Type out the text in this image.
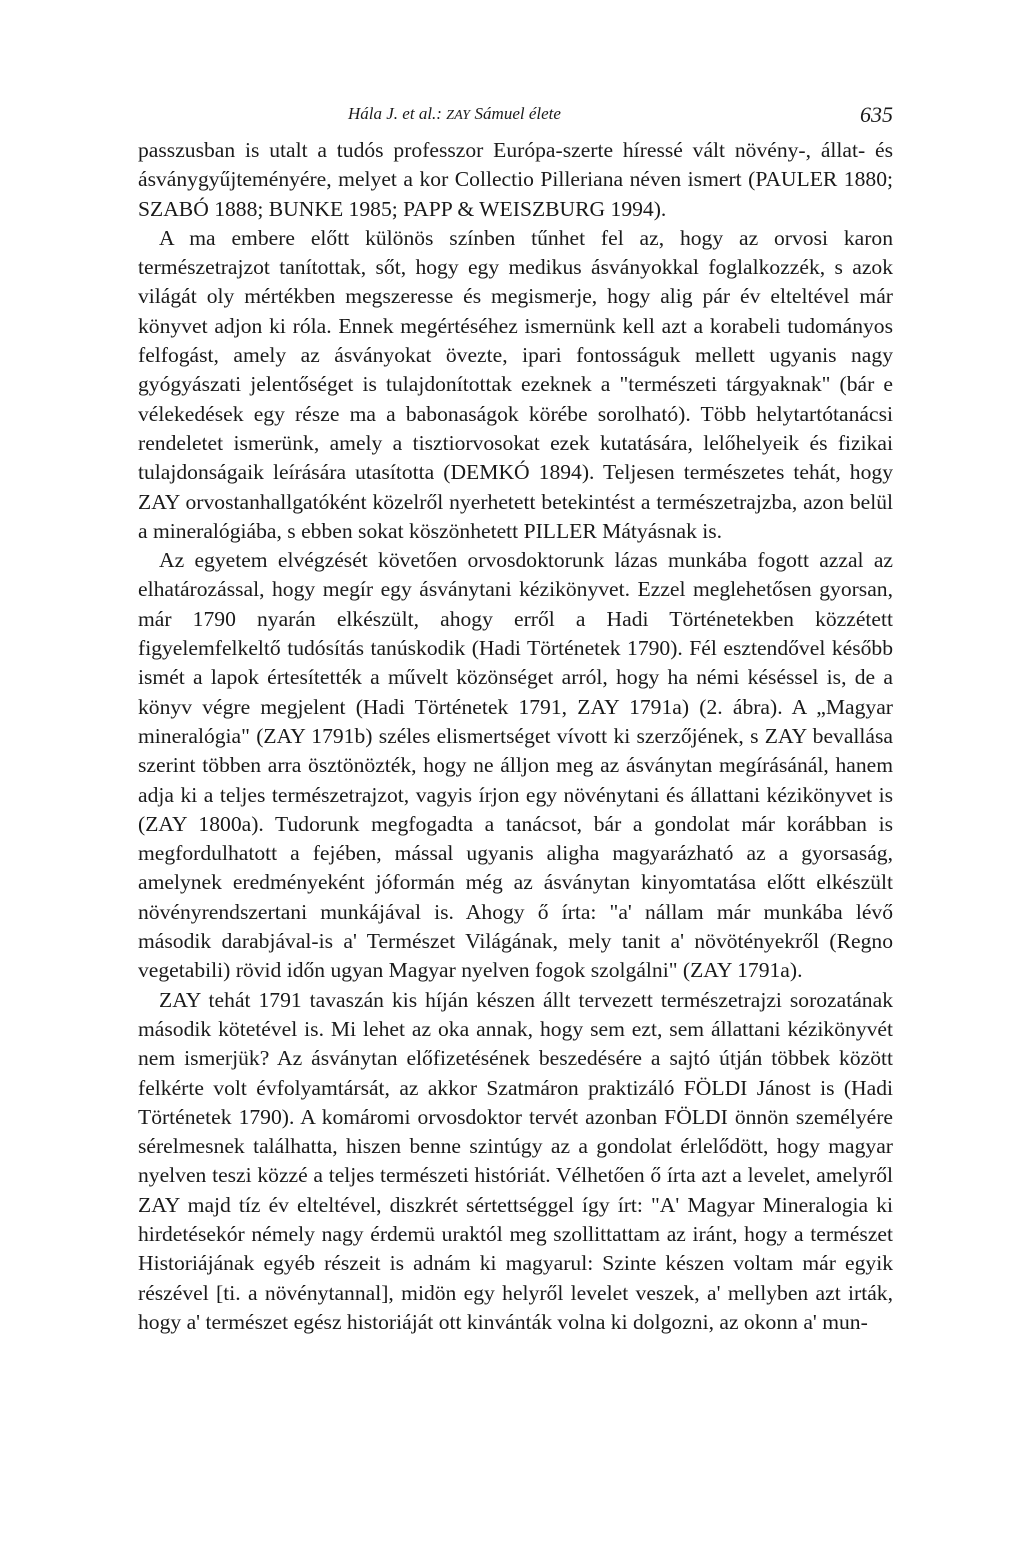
Hála J. et al.: ZAY Sámuel élete	635

passzusban is utalt a tudós professzor Európa-szerte híressé vált növény-, állat- és ásványgyűjteményére, melyet a kor Collectio Pilleriana néven ismert (PAULER 1880; SZABÓ 1888; BUNKE 1985; PAPP & WEISZBURG 1994).

A ma embere előtt különös színben tűnhet fel az, hogy az orvosi karon természetrajzot tanítottak, sőt, hogy egy medikus ásványokkal foglalkozzék, s azok világát oly mértékben megszeresse és megismerje, hogy alig pár év elteltével már könyvet adjon ki róla. Ennek megértéséhez ismernünk kell azt a korabeli tudományos felfogást, amely az ásványokat övezte, ipari fontosságuk mellett ugyanis nagy gyógyászati jelentőséget is tulajdonítottak ezeknek a "természeti tárgyaknak" (bár e vélekedések egy része ma a babonaságok körébe sorolható). Több helytartótanácsi rendeletet ismerünk, amely a tisztiorvosokat ezek kutatására, lelőhelyeik és fizikai tulajdonságaik leírására utasította (DEMKÓ 1894). Teljesen természetes tehát, hogy ZAY orvostanhallgatóként közelről nyerhetett betekintést a természetrajzba, azon belül a mineralógiába, s ebben sokat köszönhetett PILLER Mátyásnak is.

Az egyetem elvégzését követően orvosdoktorunk lázas munkába fogott azzal az elhatározással, hogy megír egy ásványtani kézikönyvet. Ezzel meglehetősen gyorsan, már 1790 nyarán elkészült, ahogy erről a Hadi Történetekben közzétett figyelemfelkeltő tudósítás tanúskodik (Hadi Történetek 1790). Fél esztendővel később ismét a lapok értesítették a művelt közönséget arról, hogy ha némi késéssel is, de a könyv végre megjelent (Hadi Történetek 1791, ZAY 1791a) (2. ábra). A „Magyar mineralógia" (ZAY 1791b) széles elismertséget vívott ki szerzőjének, s ZAY bevallása szerint többen arra ösztönözték, hogy ne álljon meg az ásványtan megírásánál, hanem adja ki a teljes természetrajzot, vagyis írjon egy növénytani és állattani kézikönyvet is (ZAY 1800a). Tudorunk megfogadta a tanácsot, bár a gondolat már korábban is megfordulhatott a fejében, mással ugyanis aligha magyarázható az a gyorsaság, amelynek eredményeként jóformán még az ásványtan kinyomtatása előtt elkészült növényrendszertani munkájával is. Ahogy ő írta: "a' nállam már munkába lévő második darabjával-is a' Természet Világának, mely tanit a' növötényekről (Regno vegetabili) rövid időn ugyan Magyar nyelven fogok szolgálni" (ZAY 1791a).

ZAY tehát 1791 tavaszán kis híján készen állt tervezett természetrajzi sorozatának második kötetével is. Mi lehet az oka annak, hogy sem ezt, sem állattani kézikönyvét nem ismerjük? Az ásványtan előfizetésének beszedésére a sajtó útján többek között felkérte volt évfolyamtársát, az akkor Szatmáron praktizáló FÖLDI Jánost is (Hadi Történetek 1790). A komáromi orvosdoktor tervét azonban FÖLDI önnön személyére sérelmesnek találhatta, hiszen benne szintúgy az a gondolat érlelődött, hogy magyar nyelven teszi közzé a teljes természeti históriát. Vélhetően ő írta azt a levelet, amelyről ZAY majd tíz év elteltével, diszkrét sértettséggel így írt: "A' Magyar Mineralogia ki hirdetésekór némely nagy érdemü uraktól meg szollittattam az iránt, hogy a természet Historiájának egyéb részeit is adnám ki magyarul: Szinte készen voltam már egyik részével [ti. a növénytannal], midön egy helyről levelet veszek, a' mellyben azt irták, hogy a' természet egész historiáját ott kinvánták volna ki dolgozni, az okonn a' mun-
